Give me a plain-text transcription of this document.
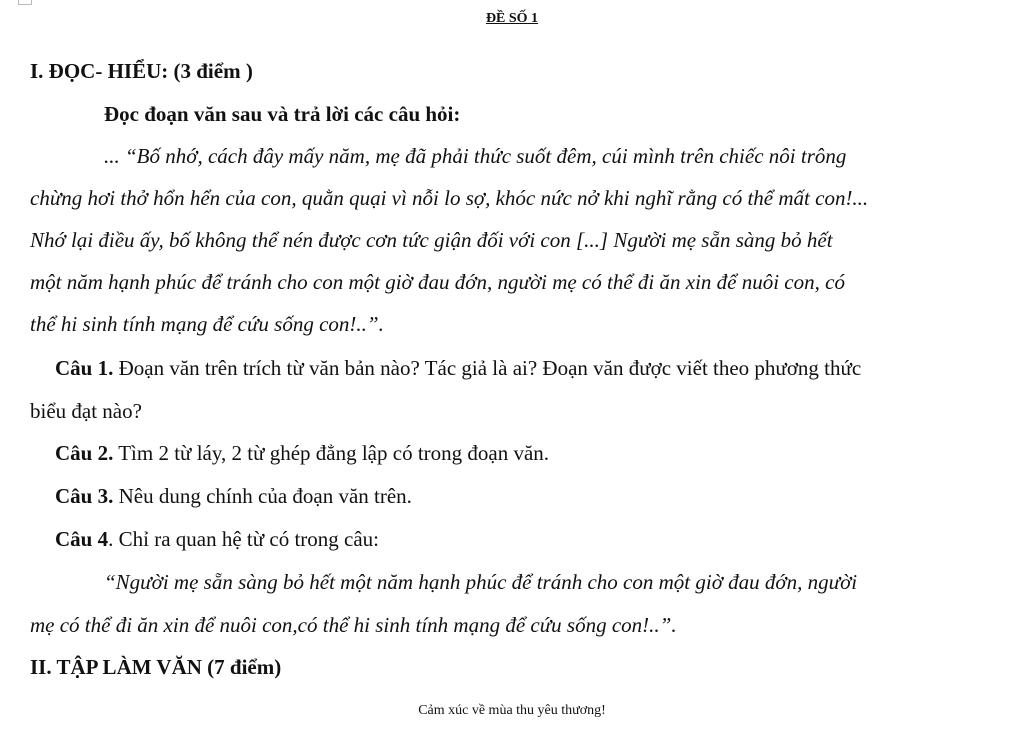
ĐỀ SỐ 1
I. ĐỌC- HIỂU: (3 điểm )
Đọc đoạn văn sau và trả lời các câu hỏi:
... “Bố nhớ, cách đây mấy năm, mẹ đã phải thức suốt đêm, cúi mình trên chiếc nôi trông
chừng hơi thở hổn hển của con, quằn quại vì nỗi lo sợ, khóc nức nở khi nghĩ rằng có thể mất con!...
Nhớ lại điều ấy, bố không thể nén được cơn tức giận đối với con [...] Người mẹ sẵn sàng bỏ hết
một năm hạnh phúc để tránh cho con một giờ đau đớn, người mẹ có thể đi ăn xin để nuôi con, có
thể hi sinh tính mạng để cứu sống con!..”.
Câu 1. Đoạn văn trên trích từ văn bản nào? Tác giả là ai? Đoạn văn được viết theo phương thức
biểu đạt nào?
Câu 2. Tìm 2 từ láy, 2 từ ghép đẳng lập có trong đoạn văn.
Câu 3. Nêu dung chính của đoạn văn trên.
Câu 4. Chỉ ra quan hệ từ có trong câu:
“Người mẹ sẵn sàng bỏ hết một năm hạnh phúc để tránh cho con một giờ đau đớn, người
mẹ có thể đi ăn xin để nuôi con,có thể hi sinh tính mạng để cứu sống con!..”.
II. TẬP LÀM VĂN (7 điểm)
Cảm xúc về mùa thu yêu thương!
